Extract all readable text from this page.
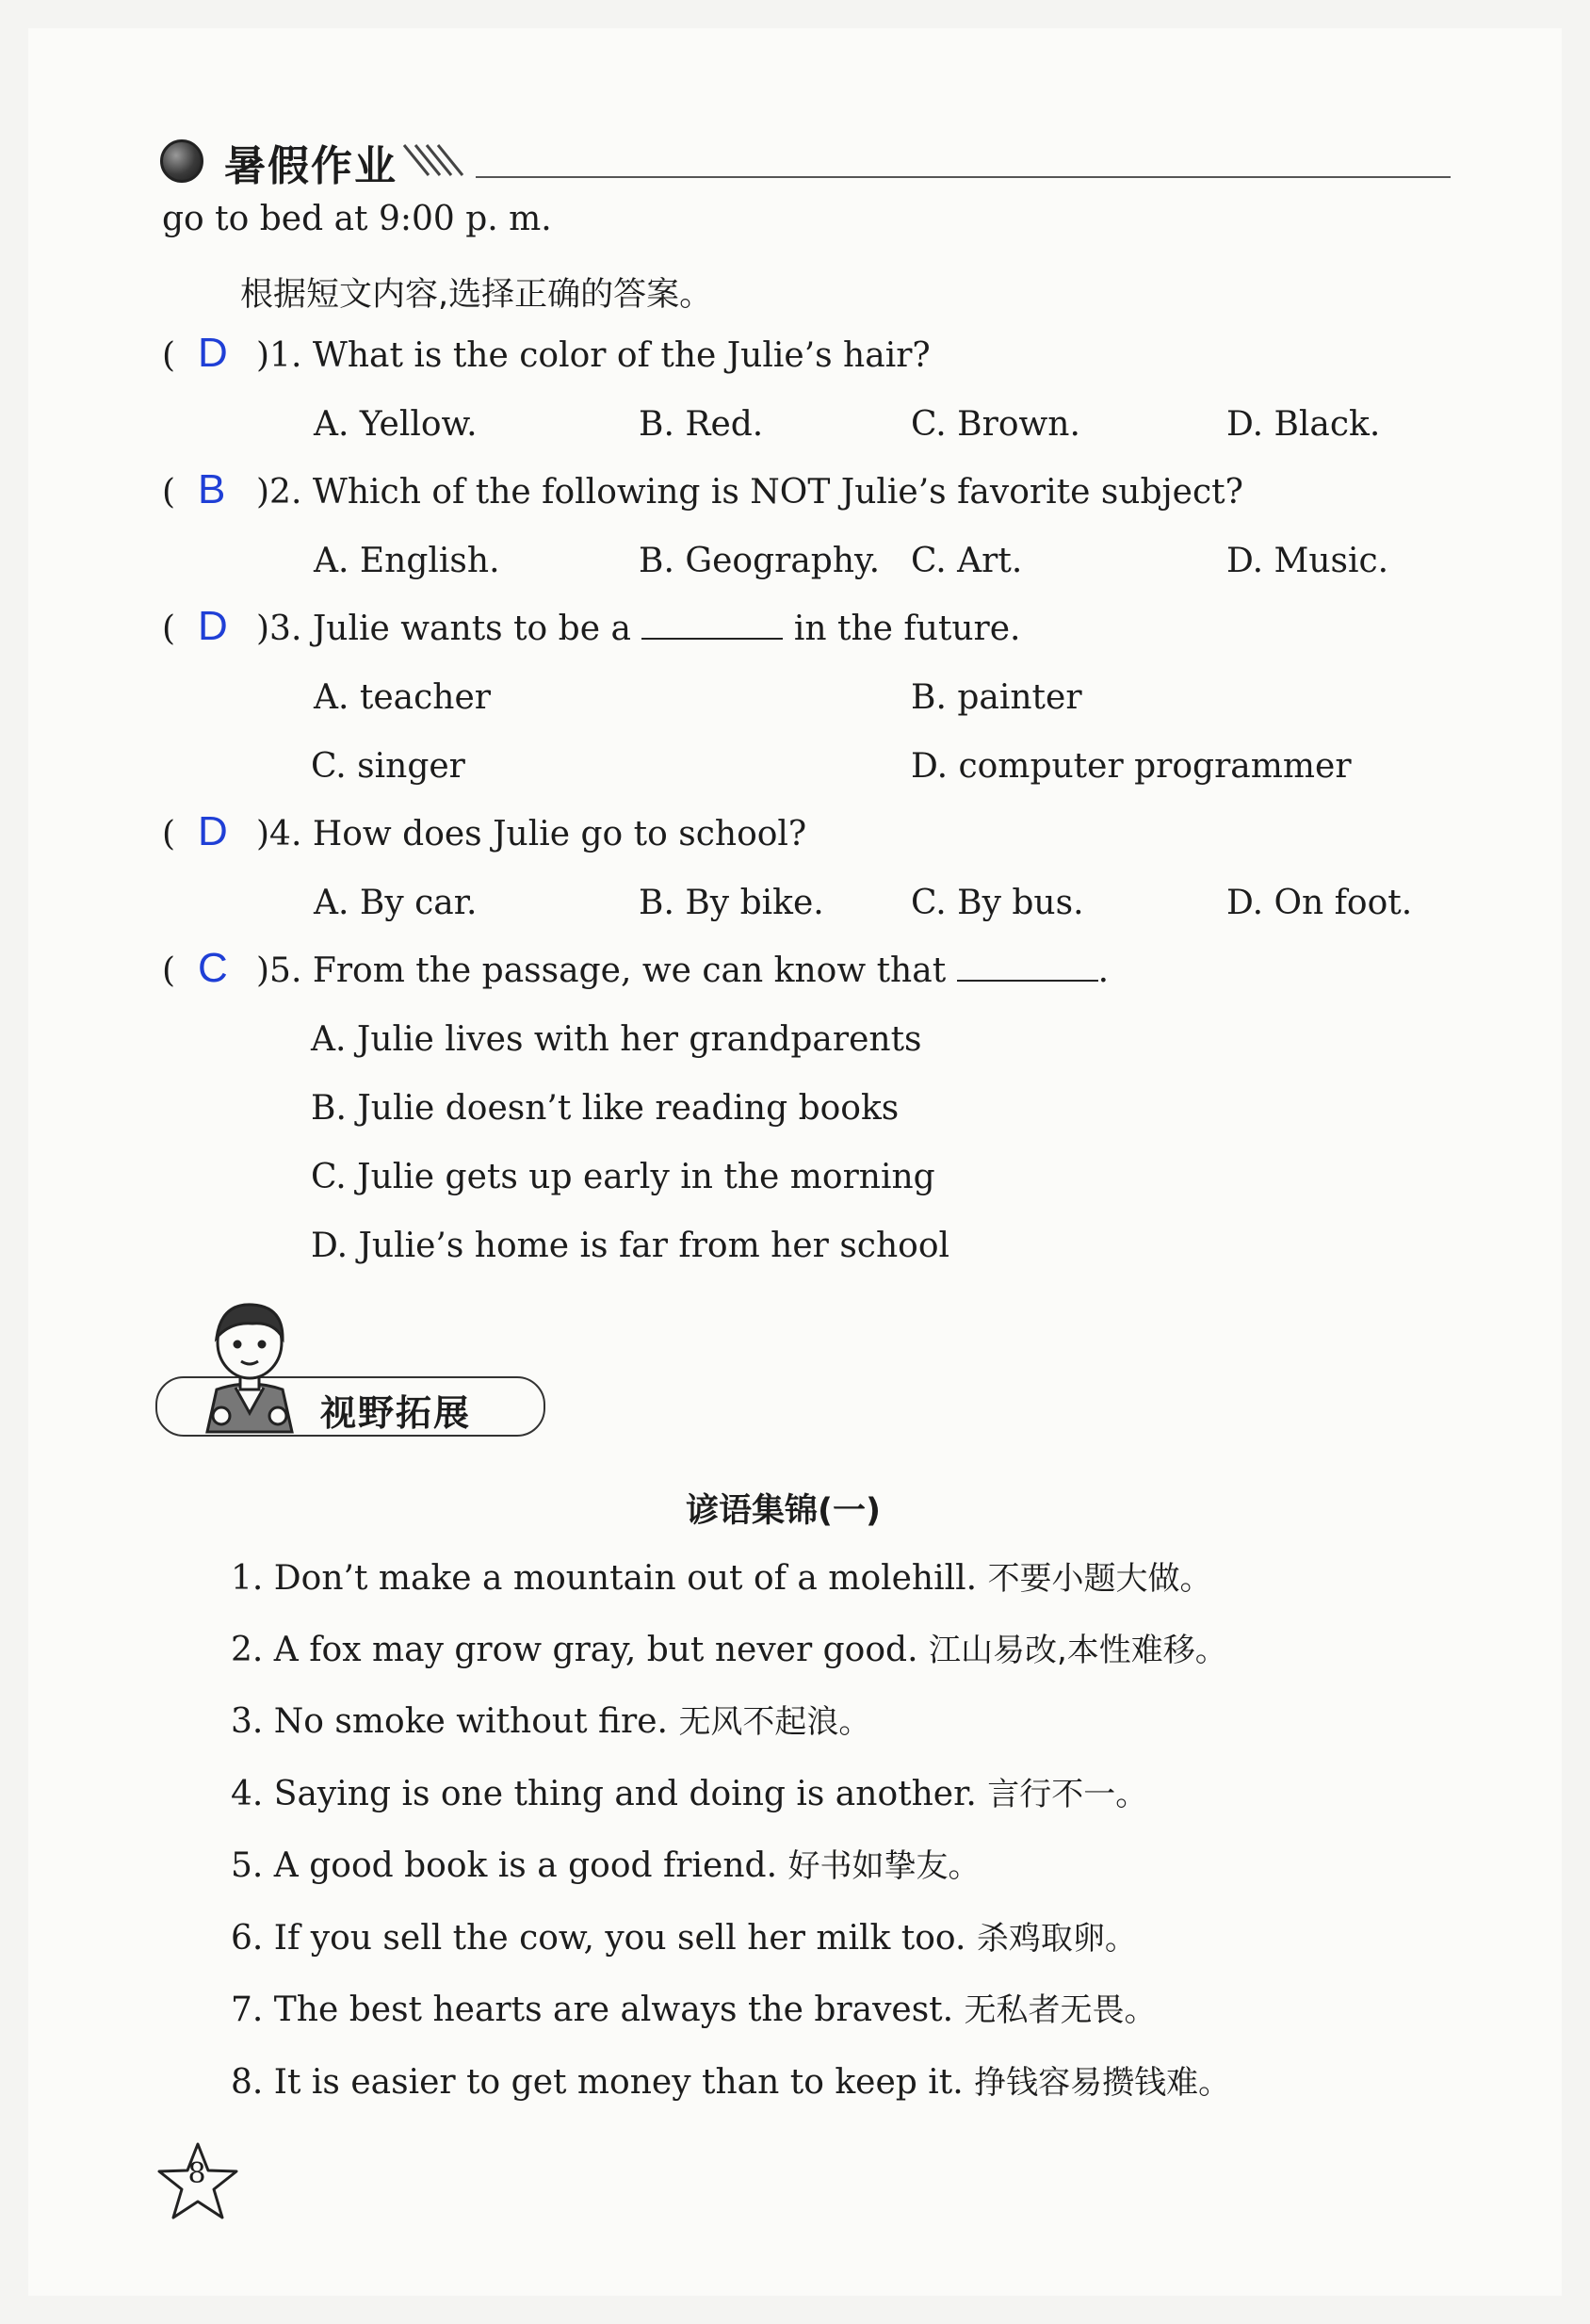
暑假作业
go to bed at 9:00 p. m.
根据短文内容,选择正确的答案。
( D )1. What is the color of the Julie’s hair?
A. Yellow.	B. Red.	C. Brown.	D. Black.
( B )2. Which of the following is NOT Julie’s favorite subject?
A. English.	B. Geography. C. Art.	D. Music.
( D )3. Julie wants to be a	in the future.
A. teacher	B. painter
C. singer	D. computer programmer
( D )4. How does Julie go to school?
A. By car.	B. By bike.	C. By bus.	D. On foot.
( C )5. From the passage, we can know that	.
A. Julie lives with her grandparents
B. Julie doesn’t like reading books
C. Julie gets up early in the morning
D. Julie’s home is far from her school
视野拓展
谚语集锦(一)
1. Don’t make a mountain out of a molehill. 不要小题大做。
2. A fox may grow gray, but never good. 江山易改,本性难移。
3. No smoke without fire. 无风不起浪。
4. Saying is one thing and doing is another. 言行不一。
5. A good book is a good friend. 好书如挚友。
6. If you sell the cow, you sell her milk too. 杀鸡取卵。
7. The best hearts are always the bravest. 无私者无畏。
8. It is easier to get money than to keep it. 挣钱容易攒钱难。
8
